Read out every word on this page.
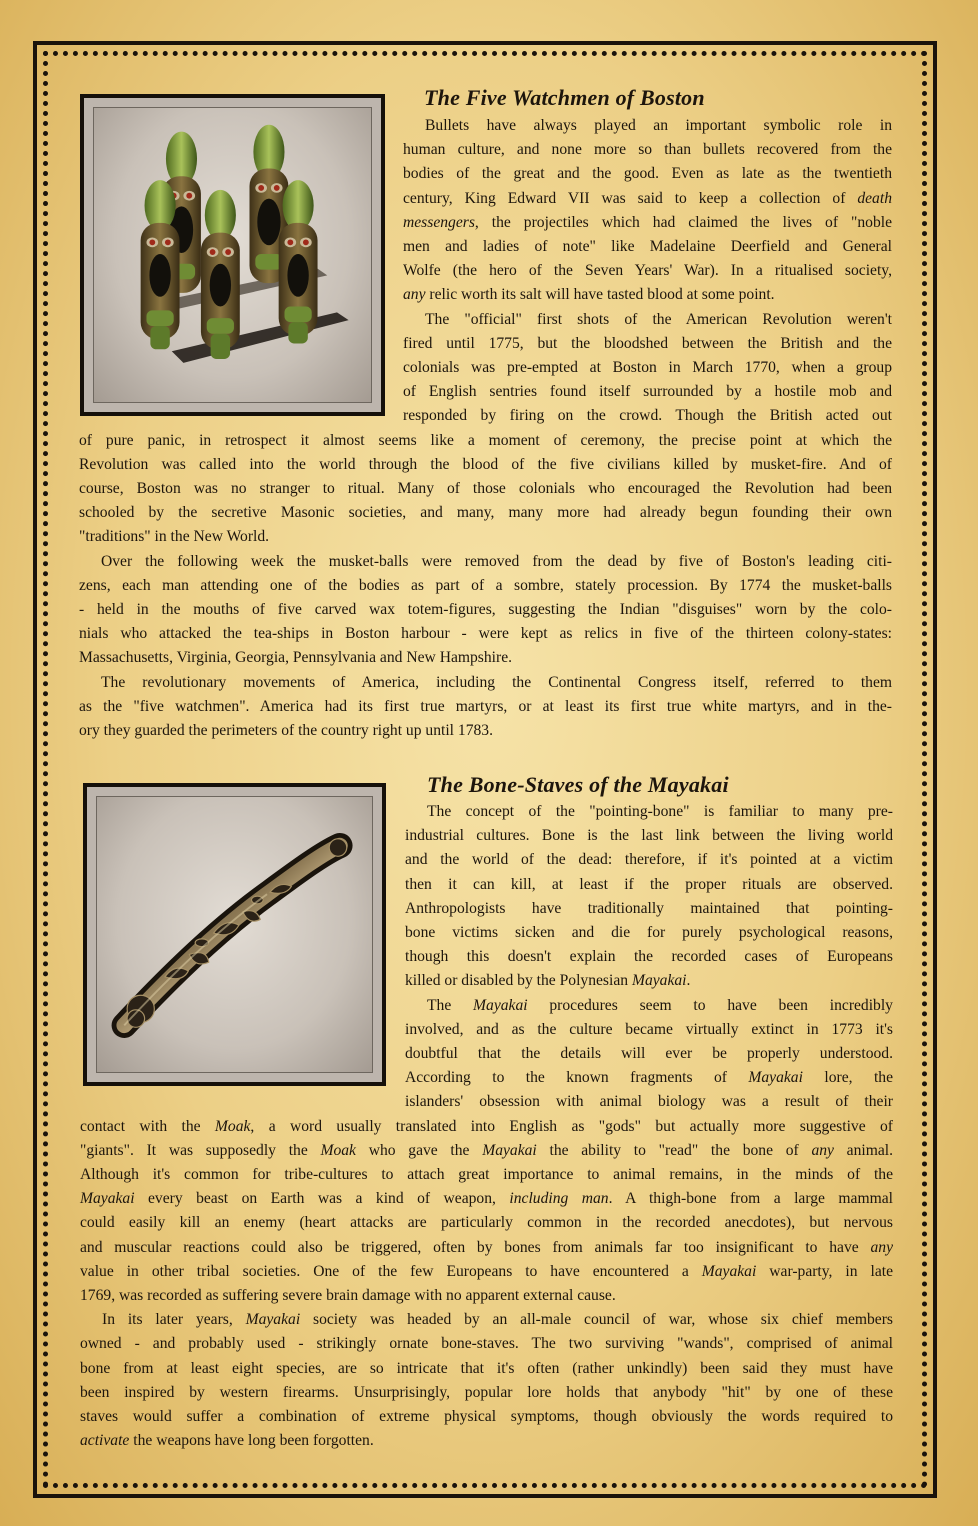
The Five Watchmen of Boston
The Bone-Staves of the Mayakai

Bullets have always played an important symbolic role in

human culture, and none more so than bullets recovered from the

bodies of the great and the good. Even as late as the twentieth

century, King Edward VII was said to keep a collection of death

messengers, the projectiles which had claimed the lives of "noble

men and ladies of note" like Madelaine Deerfield and General

Wolfe (the hero of the Seven Years' War). In a ritualised society,

any relic worth its salt will have tasted blood at some point.

The "official" first shots of the American Revolution weren't

fired until 1775, but the bloodshed between the British and the

colonials was pre-empted at Boston in March 1770, when a group

of English sentries found itself surrounded by a hostile mob and

responded by firing on the crowd. Though the British acted out

of pure panic, in retrospect it almost seems like a moment of ceremony, the precise point at which the

Revolution was called into the world through the blood of the five civilians killed by musket-fire. And of

course, Boston was no stranger to ritual. Many of those colonials who encouraged the Revolution had been

schooled by the secretive Masonic societies, and many, many more had already begun founding their own

"traditions" in the New World.

Over the following week the musket-balls were removed from the dead by five of Boston's leading citi-

zens, each man attending one of the bodies as part of a sombre, stately procession. By 1774 the musket-balls

- held in the mouths of five carved wax totem-figures, suggesting the Indian "disguises" worn by the colo-

nials who attacked the tea-ships in Boston harbour - were kept as relics in five of the thirteen colony-states:

Massachusetts, Virginia, Georgia, Pennsylvania and New Hampshire.

The revolutionary movements of America, including the Continental Congress itself, referred to them

as the "five watchmen". America had its first true martyrs, or at least its first true white martyrs, and in the-

ory they guarded the perimeters of the country right up until 1783.

The concept of the "pointing-bone" is familiar to many pre-

industrial cultures. Bone is the last link between the living world

and the world of the dead: therefore, if it's pointed at a victim

then it can kill, at least if the proper rituals are observed.

Anthropologists have traditionally maintained that pointing-

bone victims sicken and die for purely psychological reasons,

though this doesn't explain the recorded cases of Europeans

killed or disabled by the Polynesian Mayakai.

The Mayakai procedures seem to have been incredibly

involved, and as the culture became virtually extinct in 1773 it's

doubtful that the details will ever be properly understood.

According to the known fragments of Mayakai lore, the

islanders' obsession with animal biology was a result of their

contact with the Moak, a word usually translated into English as "gods" but actually more suggestive of

"giants". It was supposedly the Moak who gave the Mayakai the ability to "read" the bone of any animal.

Although it's common for tribe-cultures to attach great importance to animal remains, in the minds of the

Mayakai every beast on Earth was a kind of weapon, including man. A thigh-bone from a large mammal

could easily kill an enemy (heart attacks are particularly common in the recorded anecdotes), but nervous

and muscular reactions could also be triggered, often by bones from animals far too insignificant to have any

value in other tribal societies. One of the few Europeans to have encountered a Mayakai war-party, in late

1769, was recorded as suffering severe brain damage with no apparent external cause.

In its later years, Mayakai society was headed by an all-male council of war, whose six chief members

owned - and probably used - strikingly ornate bone-staves. The two surviving "wands", comprised of animal

bone from at least eight species, are so intricate that it's often (rather unkindly) been said they must have

been inspired by western firearms. Unsurprisingly, popular lore holds that anybody "hit" by one of these

staves would suffer a combination of extreme physical symptoms, though obviously the words required to

activate the weapons have long been forgotten.
